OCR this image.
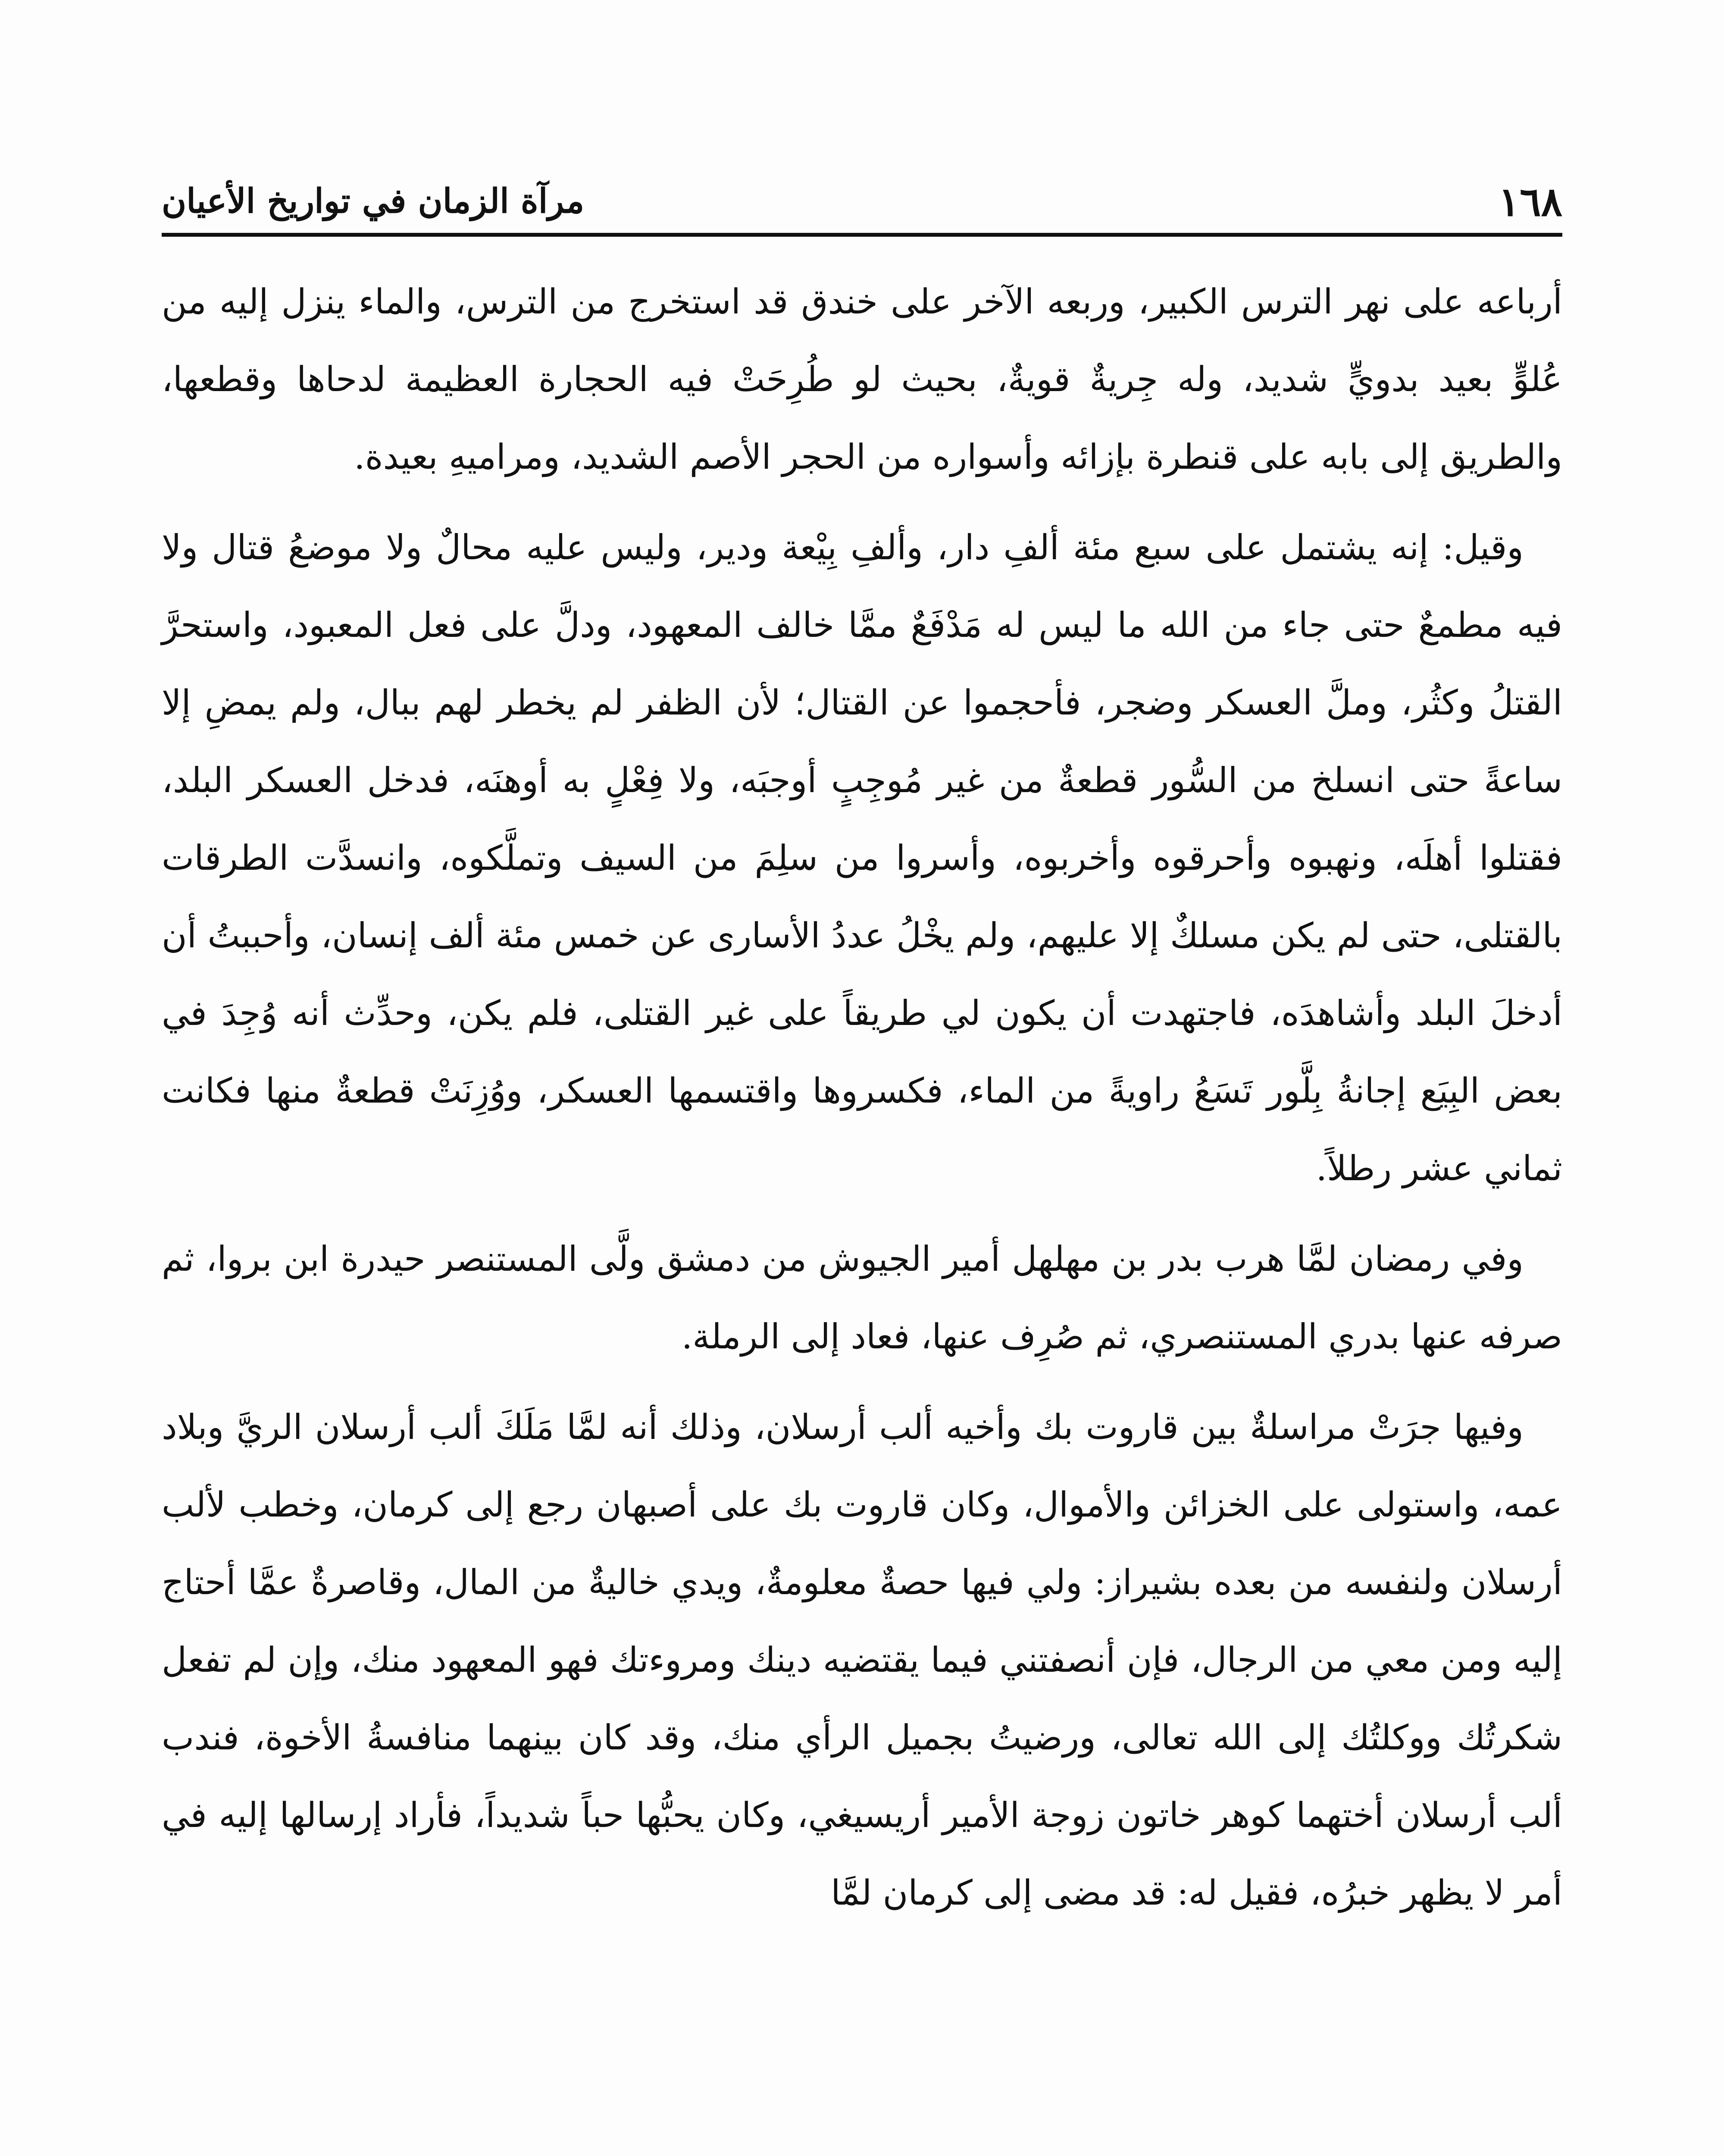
مرآة الزمان في تواريخ الأعيان	١٦٨

أرباعه على نهر الترس الكبير، وربعه الآخر على خندق قد استخرج من الترس، والماء ينزل إليه من عُلوٍّ بعيد بدويٍّ شديد، وله جِريةٌ قويةٌ، بحيث لو طُرِحَتْ فيه الحجارة العظيمة لدحاها وقطعها، والطريق إلى بابه على قنطرة بإزائه وأسواره من الحجر الأصم الشديد، ومراميهِ بعيدة.

وقيل: إنه يشتمل على سبع مئة ألفِ دار، وألفِ بِيْعة ودير، وليس عليه محالٌ ولا موضعُ قتال ولا فيه مطمعٌ حتى جاء من الله ما ليس له مَدْفَعٌ ممَّا خالف المعهود، ودلَّ على فعل المعبود، واستحرَّ القتلُ وكثُر، وملَّ العسكر وضجر، فأحجموا عن القتال؛ لأن الظفر لم يخطر لهم ببال، ولم يمضِ إلا ساعةً حتى انسلخ من السُّور قطعةٌ من غير مُوجِبٍ أوجبَه، ولا فِعْلٍ به أوهنَه، فدخل العسكر البلد، فقتلوا أهلَه، ونهبوه وأحرقوه وأخربوه، وأسروا من سلِمَ من السيف وتملَّكوه، وانسدَّت الطرقات بالقتلى، حتى لم يكن مسلكٌ إلا عليهم، ولم يخْلُ عددُ الأسارى عن خمس مئة ألف إنسان، وأحببتُ أن أدخلَ البلد وأشاهدَه، فاجتهدت أن يكون لي طريقاً على غير القتلى، فلم يكن، وحدِّث أنه وُجِدَ في بعض البِيَع إجانةُ بِلَّور تَسَعُ راويةً من الماء، فكسروها واقتسمها العسكر، ووُزِنَتْ قطعةٌ منها فكانت ثماني عشر رطلاً.

وفي رمضان لمَّا هرب بدر بن مهلهل أمير الجيوش من دمشق ولَّى المستنصر حيدرة ابن بروا، ثم صرفه عنها بدري المستنصري، ثم صُرِف عنها، فعاد إلى الرملة.

وفيها جرَتْ مراسلةٌ بين قاروت بك وأخيه ألب أرسلان، وذلك أنه لمَّا مَلَكَ ألب أرسلان الريَّ وبلاد عمه، واستولى على الخزائن والأموال، وكان قاروت بك على أصبهان رجع إلى كرمان، وخطب لألب أرسلان ولنفسه من بعده بشيراز: ولي فيها حصةٌ معلومةٌ، ويدي خاليةٌ من المال، وقاصرةٌ عمَّا أحتاج إليه ومن معي من الرجال، فإن أنصفتني فيما يقتضيه دينك ومروءتك فهو المعهود منك، وإن لم تفعل شكرتُك ووكلتُك إلى الله تعالى، ورضيتُ بجميل الرأي منك، وقد كان بينهما منافسةُ الأخوة، فندب ألب أرسلان أختهما كوهر خاتون زوجة الأمير أريسيغي، وكان يحبُّها حباً شديداً، فأراد إرسالها إليه في أمر لا يظهر خبرُه، فقيل له: قد مضى إلى كرمان لمَّا
